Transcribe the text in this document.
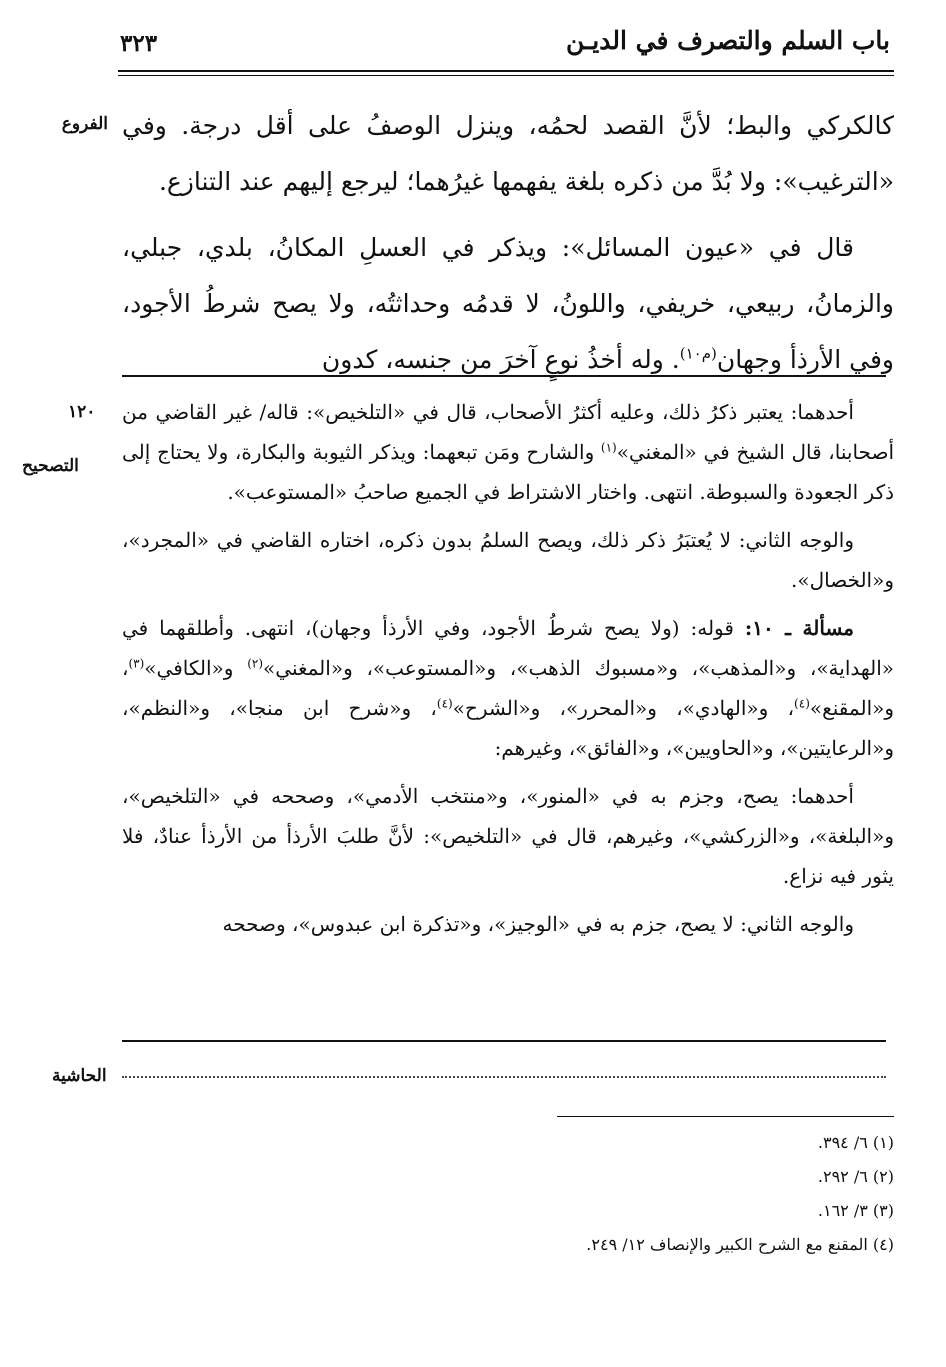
باب السلم والتصرف في الديـن
٣٢٣
الفروع
١٢٠
التصحيح
الحاشية

كالكركي والبط؛ لأنَّ القصد لحمُه، وينزل الوصفُ على أقل درجة. وفي «الترغيب»: ولا بُدَّ من ذكره بلغة يفهمها غيرُهما؛ ليرجع إليهم عند التنازع.

قال في «عيون المسائل»: ويذكر في العسلِ المكانُ، بلدي، جبلي، والزمانُ، ربيعي، خريفي، واللونُ، لا قدمُه وحداثتُه، ولا يصح شرطُ الأجود، وفي الأرذأ وجهان$^{(م١٠)}$. وله أخذُ نوعٍ آخرَ من جنسه، كدون

أحدهما: يعتبر ذكرُ ذلك، وعليه أكثرُ الأصحاب، قال في «التلخيص»: قاله/ غير القاضي من أصحابنا، قال الشيخ في «المغني»$^{(١)}$ والشارح ومَن تبعهما: ويذكر الثيوبة والبكارة، ولا يحتاج إلى ذكر الجعودة والسبوطة. انتهى. واختار الاشتراط في الجميع صاحبُ «المستوعب».

والوجه الثاني: لا يُعتبَرُ ذكر ذلك، ويصح السلمُ بدون ذكره، اختاره القاضي في «المجرد»، و«الخصال».

مسألة ـ ١٠: قوله: (ولا يصح شرطُ الأجود، وفي الأرذأ وجهان)، انتهى. وأطلقهما في «الهداية»، و«المذهب»، و«مسبوك الذهب»، و«المستوعب»، و«المغني»$^{(٢)}$ و«الكافي»$^{(٣)}$، و«المقنع»$^{(٤)}$، و«الهادي»، و«المحرر»، و«الشرح»$^{(٤)}$، و«شرح ابن منجا»، و«النظم»، و«الرعايتين»، و«الحاويين»، و«الفائق»، وغيرهم:

أحدهما: يصح، وجزم به في «المنور»، و«منتخب الأدمي»، وصححه في «التلخيص»، و«البلغة»، و«الزركشي»، وغيرهم، قال في «التلخيص»: لأنَّ طلبَ الأرذأ من الأرذأ عنادٌ، فلا يثور فيه نزاع.

والوجه الثاني: لا يصح، جزم به في «الوجيز»، و«تذكرة ابن عبدوس»، وصححه

(١) ٦/ ٣٩٤.

(٢) ٦/ ٢٩٢.

(٣) ٣/ ١٦٢.

(٤) المقنع مع الشرح الكبير والإنصاف ١٢/ ٢٤٩.
